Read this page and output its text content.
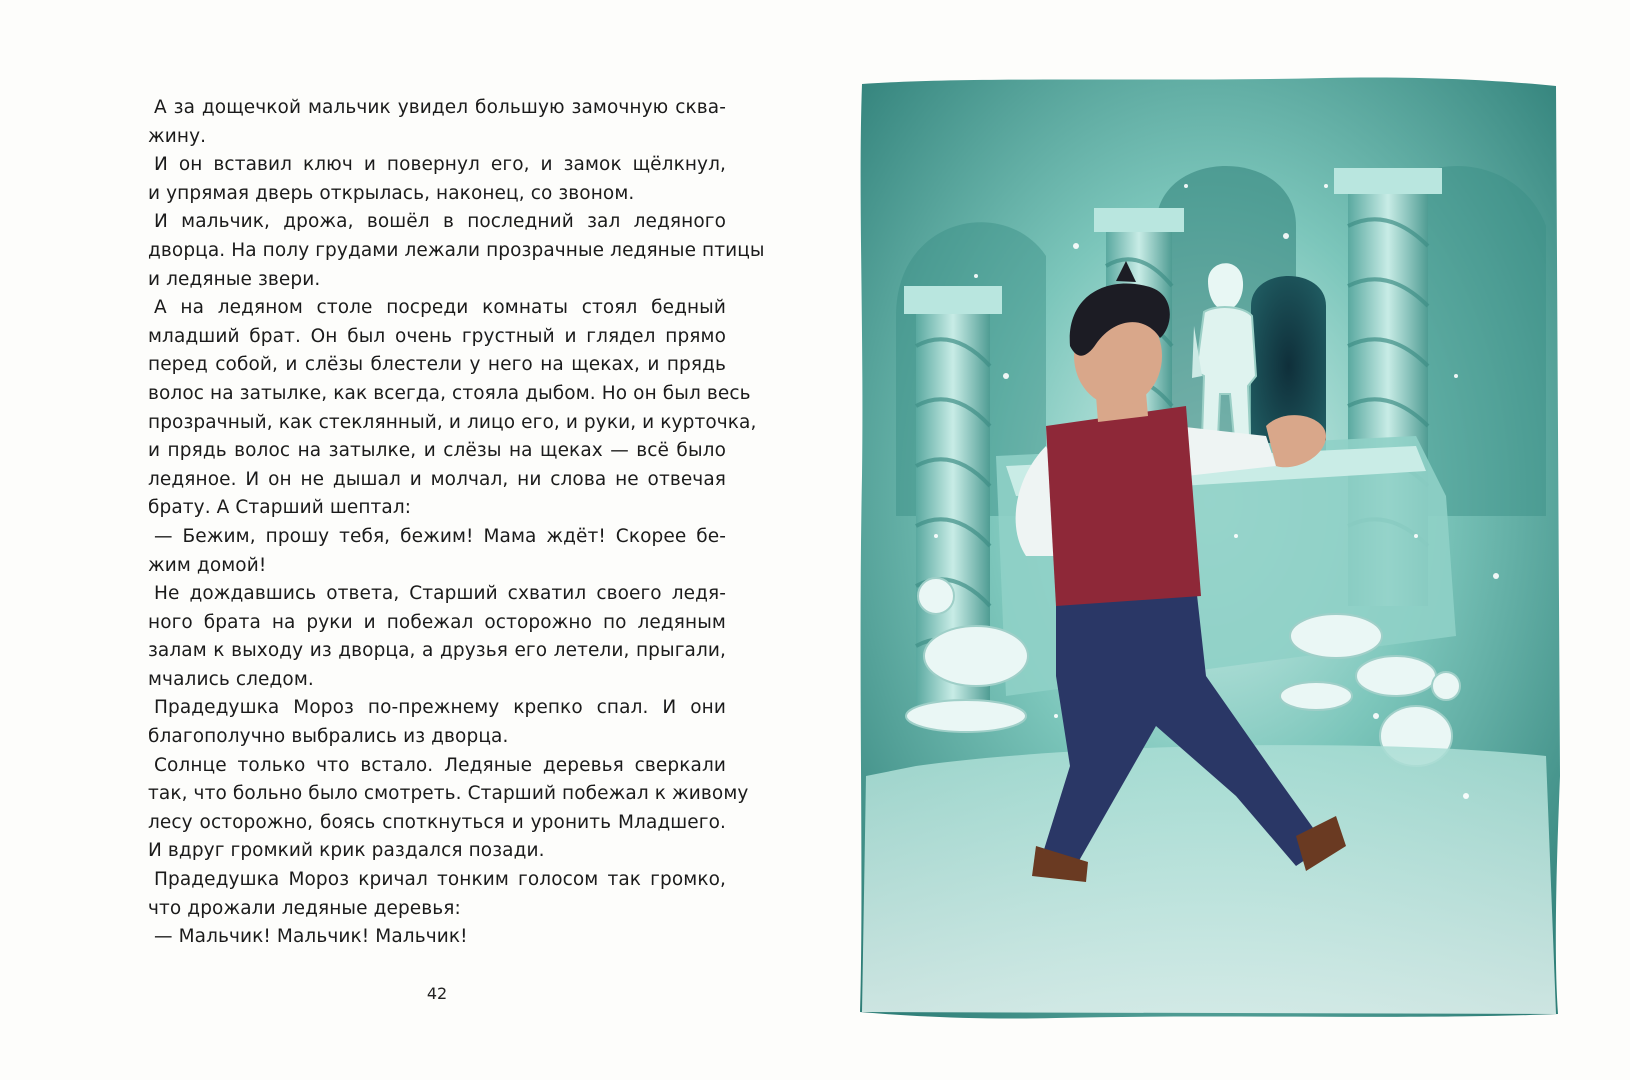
А за дощечкой мальчик увидел большую замочную сква-
жину.
И он вставил ключ и повернул его, и замок щёлкнул,
и упрямая дверь открылась, наконец, со звоном.
И мальчик, дрожа, вошёл в последний зал ледяного
дворца. На полу грудами лежали прозрачные ледяные птицы
и ледяные звери.
А на ледяном столе посреди комнаты стоял бедный
младший брат. Он был очень грустный и глядел прямо
перед собой, и слёзы блестели у него на щеках, и прядь
волос на затылке, как всегда, стояла дыбом. Но он был весь
прозрачный, как стеклянный, и лицо его, и руки, и курточка,
и прядь волос на затылке, и слёзы на щеках — всё было
ледяное. И он не дышал и молчал, ни слова не отвечая
брату. А Старший шептал:
— Бежим, прошу тебя, бежим! Мама ждёт! Скорее бе-
жим домой!
Не дождавшись ответа, Старший схватил своего ледя-
ного брата на руки и побежал осторожно по ледяным
залам к выходу из дворца, а друзья его летели, прыгали,
мчались следом.
Прадедушка Мороз по-прежнему крепко спал. И они
благополучно выбрались из дворца.
Солнце только что встало. Ледяные деревья сверкали
так, что больно было смотреть. Старший побежал к живому
лесу осторожно, боясь споткнуться и уронить Младшего.
И вдруг громкий крик раздался позади.
Прадедушка Мороз кричал тонким голосом так громко,
что дрожали ледяные деревья:
— Мальчик! Мальчик! Мальчик!
42
